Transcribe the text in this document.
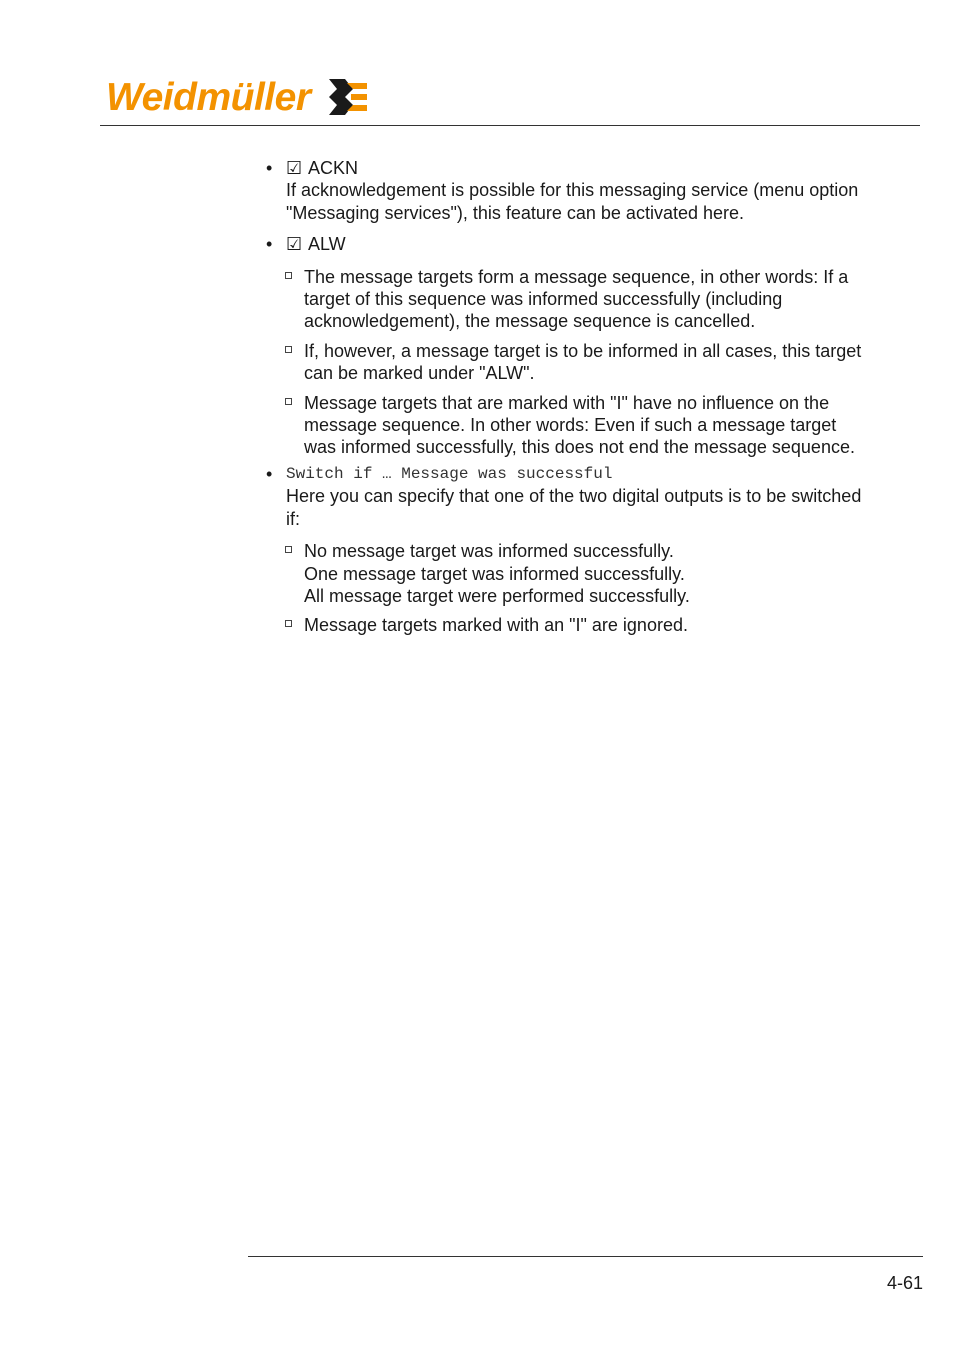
Weidmüller
• ☑ ACKN
If acknowledgement is possible for this messaging service (menu option "Messaging services"), this feature can be activated here.
• ☑ ALW

The message targets form a message sequence, in other words: If a target of this sequence was informed successfully (including acknowledgement), the message sequence is cancelled.

If, however, a message target is to be informed in all cases, this target can be marked under "ALW".

Message targets that are marked with "I" have no influence on the message sequence. In other words: Even if such a message target was informed successfully, this does not end the message sequence.

• Switch if … Message was successful
Here you can specify that one of the two digital outputs is to be switched if:

No message target was informed successfully.

One message target was informed successfully.

All message target were performed successfully.

Message targets marked with an "I" are ignored.

4-61
